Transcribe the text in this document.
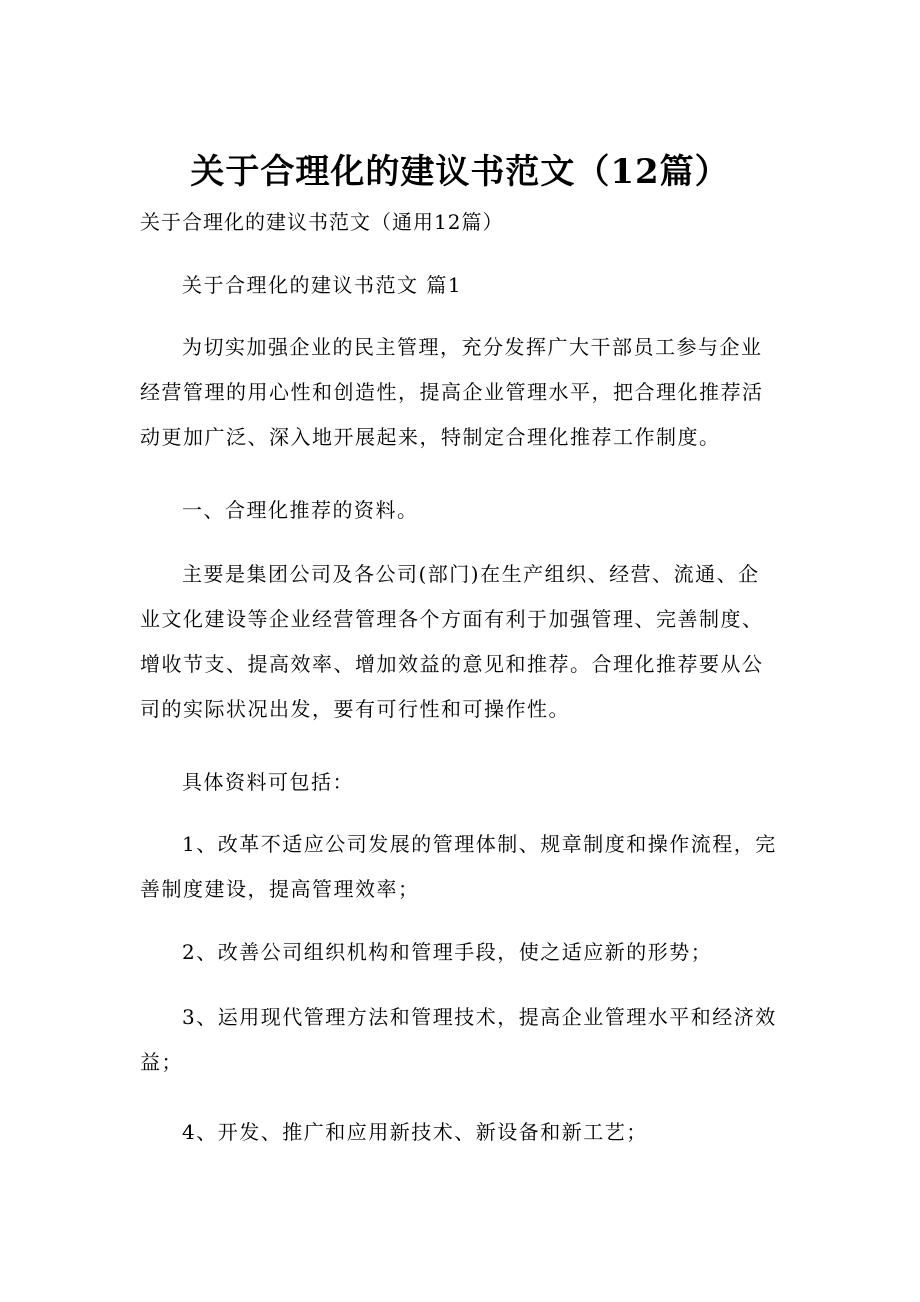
关于合理化的建议书范文（12篇）

关于合理化的建议书范文（通用12篇）

关于合理化的建议书范文 篇1

为切实加强企业的民主管理，充分发挥广大干部员工参与企业经营管理的用心性和创造性，提高企业管理水平，把合理化推荐活动更加广泛、深入地开展起来，特制定合理化推荐工作制度。

一、合理化推荐的资料。

主要是集团公司及各公司(部门)在生产组织、经营、流通、企业文化建设等企业经营管理各个方面有利于加强管理、完善制度、增收节支、提高效率、增加效益的意见和推荐。合理化推荐要从公司的实际状况出发，要有可行性和可操作性。

具体资料可包括：

1、改革不适应公司发展的管理体制、规章制度和操作流程，完善制度建设，提高管理效率；

2、改善公司组织机构和管理手段，使之适应新的形势；

3、运用现代管理方法和管理技术，提高企业管理水平和经济效益；

4、开发、推广和应用新技术、新设备和新工艺；
